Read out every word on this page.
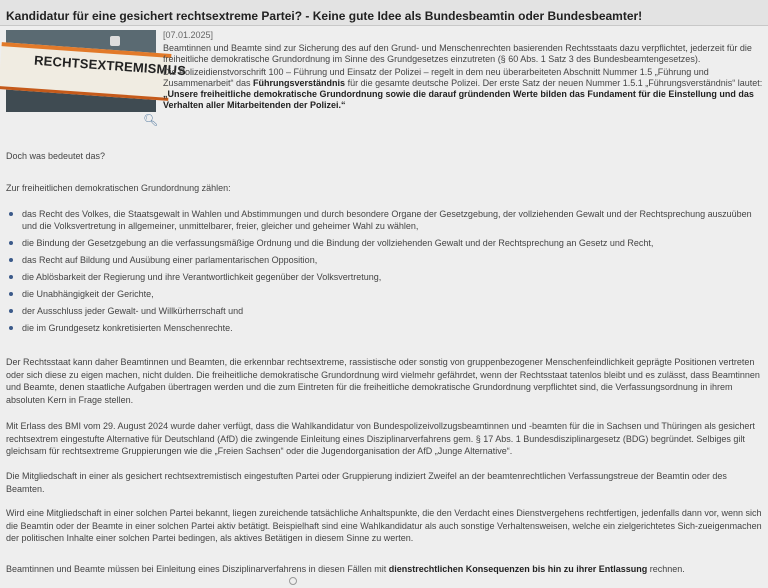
Kandidatur für eine gesichert rechtsextreme Partei? - Keine gute Idee als Bundesbeamtin oder Bundesbeamter!
RECHTSEXTREMISMUS
🔍︎

[07.01.2025]

Beamtinnen und Beamte sind zur Sicherung des auf den Grund- und Menschenrechten basierenden Rechtsstaats dazu verpflichtet, jederzeit für die freiheitliche demokratische Grundordnung im Sinne des Grundgesetzes einzutreten (§ 60 Abs. 1 Satz 3 des Bundesbeamtengesetzes).

Die Polizeidienstvorschrift 100 – Führung und Einsatz der Polizei – regelt in dem neu überarbeiteten Abschnitt Nummer 1.5 „Führung und Zusammenarbeit“ das Führungsverständnis für die gesamte deutsche Polizei. Der erste Satz der neuen Nummer 1.5.1 „Führungsverständnis“ lautet: „Unsere freiheitliche demokratische Grundordnung sowie die darauf gründenden Werte bilden das Fundament für die Einstellung und das Verhalten aller Mitarbeitenden der Polizei.“

Doch was bedeutet das?

Zur freiheitlichen demokratischen Grundordnung zählen:

das Recht des Volkes, die Staatsgewalt in Wahlen und Abstimmungen und durch besondere Organe der Gesetzgebung, der vollziehenden Gewalt und der Rechtsprechung auszuüben und die Volksvertretung in allgemeiner, unmittelbarer, freier, gleicher und geheimer Wahl zu wählen,
die Bindung der Gesetzgebung an die verfassungsmäßige Ordnung und die Bindung der vollziehenden Gewalt und der Rechtsprechung an Gesetz und Recht,
das Recht auf Bildung und Ausübung einer parlamentarischen Opposition,
die Ablösbarkeit der Regierung und ihre Verantwortlichkeit gegenüber der Volksvertretung,
die Unabhängigkeit der Gerichte,
der Ausschluss jeder Gewalt- und Willkürherrschaft und
die im Grundgesetz konkretisierten Menschenrechte.

Der Rechtsstaat kann daher Beamtinnen und Beamten, die erkennbar rechtsextreme, rassistische oder sonstig von gruppenbezogener Menschenfeindlichkeit geprägte Positionen vertreten oder sich diese zu eigen machen, nicht dulden. Die freiheitliche demokratische Grundordnung wird vielmehr gefährdet, wenn der Rechtsstaat tatenlos bleibt und es zulässt, dass Beamtinnen und Beamte, denen staatliche Aufgaben übertragen werden und die zum Eintreten für die freiheitliche demokratische Grundordnung verpflichtet sind, die Verfassungsordnung in ihrem absoluten Kern in Frage stellen.

Mit Erlass des BMI vom 29. August 2024 wurde daher verfügt, dass die Wahlkandidatur von Bundespolizeivollzugsbeamtinnen und -beamten für die in Sachsen und Thüringen als gesichert rechtsextrem eingestufte Alternative für Deutschland (AfD) die zwingende Einleitung eines Disziplinarverfahrens gem. § 17 Abs. 1 Bundesdisziplinargesetz (BDG) begründet. Selbiges gilt gleichsam für rechtsextreme Gruppierungen wie die „Freien Sachsen“ oder die Jugendorganisation der AfD „Junge Alternative“.

Die Mitgliedschaft in einer als gesichert rechtsextremistisch eingestuften Partei oder Gruppierung indiziert Zweifel an der beamtenrechtlichen Verfassungstreue der Beamtin oder des Beamten.

Wird eine Mitgliedschaft in einer solchen Partei bekannt, liegen zureichende tatsächliche Anhaltspunkte, die den Verdacht eines Dienstvergehens rechtfertigen, jedenfalls dann vor, wenn sich die Beamtin oder der Beamte in einer solchen Partei aktiv betätigt. Beispielhaft sind eine Wahlkandidatur als auch sonstige Verhaltensweisen, welche ein zielgerichtetes Sich-zueigenmachen der politischen Inhalte einer solchen Partei bedingen, als aktives Betätigen in diesem Sinne zu werten.

Beamtinnen und Beamte müssen bei Einleitung eines Disziplinarverfahrens in diesen Fällen mit dienstrechtlichen Konsequenzen bis hin zu ihrer Entlassung rechnen.
